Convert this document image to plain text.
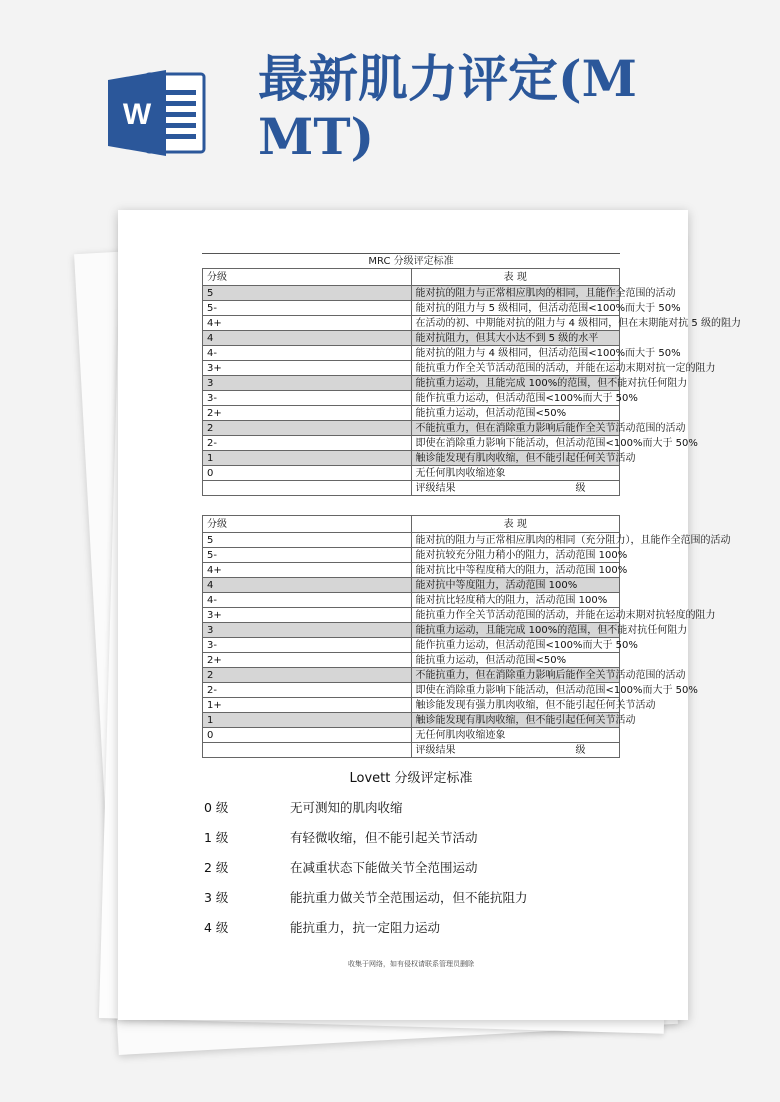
W
最新肌力评定(MMT)
MRC 分级评定标准
分级	表 现
5	能对抗的阻力与正常相应肌肉的相同，且能作全范围的活动
5-	能对抗的阻力与 5 级相同，但活动范围<100%而大于 50%
4+	在活动的初、中期能对抗的阻力与 4 级相同，但在末期能对抗 5 级的阻力
4	能对抗阻力，但其大小达不到 5 级的水平
4-	能对抗的阻力与 4 级相同，但活动范围<100%而大于 50%
3+	能抗重力作全关节活动范围的活动，并能在运动末期对抗一定的阻力
3	能抗重力运动，且能完成 100%的范围，但不能对抗任何阻力
3-	能作抗重力运动，但活动范围<100%而大于 50%
2+	能抗重力运动，但活动范围<50%
2	不能抗重力，但在消除重力影响后能作全关节活动范围的活动
2-	即使在消除重力影响下能活动，但活动范围<100%而大于 50%
1	触诊能发现有肌肉收缩，但不能引起任何关节活动
0	无任何肌肉收缩迹象
	评级结果 级
分级	表 现
5	能对抗的阻力与正常相应肌肉的相同（充分阻力），且能作全范围的活动
5-	能对抗较充分阻力稍小的阻力，活动范围 100%
4+	能对抗比中等程度稍大的阻力，活动范围 100%
4	能对抗中等度阻力，活动范围 100%
4-	能对抗比轻度稍大的阻力，活动范围 100%
3+	能抗重力作全关节活动范围的活动，并能在运动末期对抗轻度的阻力
3	能抗重力运动，且能完成 100%的范围，但不能对抗任何阻力
3-	能作抗重力运动，但活动范围<100%而大于 50%
2+	能抗重力运动，但活动范围<50%
2	不能抗重力，但在消除重力影响后能作全关节活动范围的活动
2-	即使在消除重力影响下能活动，但活动范围<100%而大于 50%
1+	触诊能发现有强力肌肉收缩，但不能引起任何关节活动
1	触诊能发现有肌肉收缩，但不能引起任何关节活动
0	无任何肌肉收缩迹象
	评级结果 级
Lovett 分级评定标准
0 级	无可测知的肌肉收缩
1 级	有轻微收缩，但不能引起关节活动
2 级	在减重状态下能做关节全范围运动
3 级	能抗重力做关节全范围运动，但不能抗阻力
4 级	能抗重力，抗一定阻力运动
收集于网络，如有侵权请联系管理员删除
